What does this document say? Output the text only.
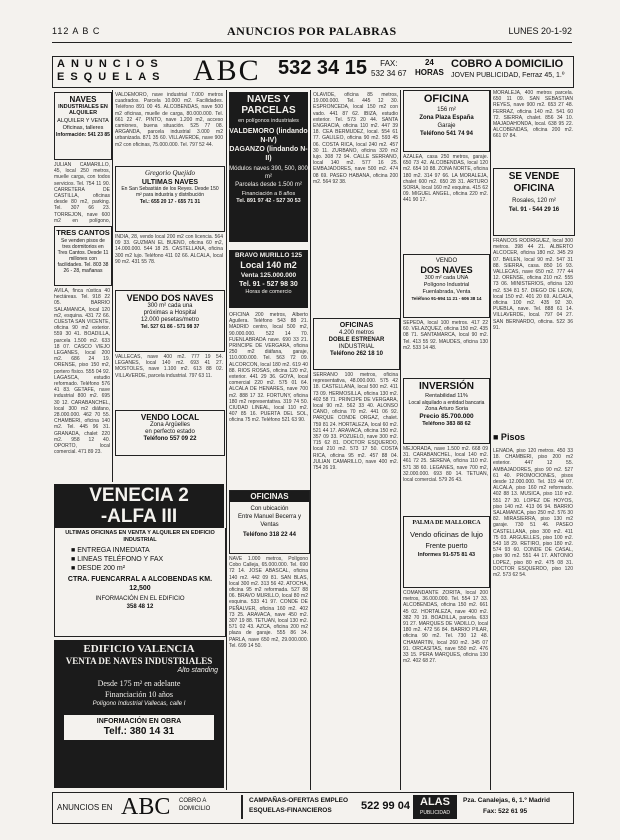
112 A B C	ANUNCIOS POR PALABRAS	LUNES 20-1-92
ANUNCIOS
ESQUELAS ABC 532 34 15	FAX:
532 34 67
24
HORAS
COBRO A DOMICILIO
JOVEN PUBLICIDAD, Ferraz 45, 1.º
NAVES
INDUSTRIALES EN ALQUILER
ALQUILER Y VENTA
Oficinas, talleres
Información: 541 23 85
JULIAN CAMARILLO, 45, local 250 metros, muelle carga, con todos servicios. Tel. 754 11 90. CARRETERA DE CASTILLA, oficinas desde 80 m2, parking. Tel. 307 66 23. TORREJON, nave 600 m2 en polígono,
TRES CANTOS
Se venden pisos de tres dormitorios en Tres Cantos. Desde 11 millones con facilidades. Tel. 803 38 26 - 28, mañanas
AVILA, finca rústica 40 hectáreas. Tel. 918 22 05. BARRIO SALAMANCA, local 120 m2, esquina. 431 72 66. CUESTA SAN VICENTE, oficina 90 m2 exterior. 559 30 41. BOADILLA, parcela 1.500 m2. 633 18 07. CASCO VIEJO LEGANES, local 200 m2. 686 24 19. ORENSE, piso 150 m2, portero físico. 555 04 92. LAGASCA, estudio reformado. Teléfono 576 41 83. GETAFE, nave industrial 800 m2. 695 30 12. CARABANCHEL, local 300 m2 diáfano, 28.000.000. 462 70 55. CHAMBERI, oficina 140 m2. Tel. 445 96 31. GRANADA, chalet 220 m2. 958 12 40. OPORTO, local comercial. 471 89 23.
VALDEMORO, nave industrial 7.000 metros cuadrados. Parcela 10.000 m2. Facilidades. Teléfono 891 00 45. ALCOBENDAS, nave 500 m2 oficinas, muelle de carga, 80.000.000. Tel. 661 22 47. PINTO, nave 1.200 m2, acceso camiones, buena situación. 525 77 08. ARGANDA, parcela industrial 3.000 m2 urbanizada. 871 35 60. VILLAVERDE, nave 900 m2 con oficinas, 75.000.000. Tel. 797 52 44.
Gregorio Quejido
ULTIMAS NAVES
En San Sebastián de los Reyes. Desde 150 m² para industria y distribución
Tel.: 655 20 17 - 655 71 31
INDIA, 28, vendo local 200 m2 con licencia. 564 09 33. GUZMAN EL BUENO, oficina 60 m2, 14.000.000. 544 18 25. CASTELLANA, oficina 300 m2 lujo. Teléfono 411 02 66. ALCALA, local 90 m2. 431 55 78.
VENDO DOS NAVES
300 m² cada una
próximas a Hospital
12.000 pesetas/metro
Tel. 527 61 86 - 571 98 37
VALLECAS, nave 400 m2. 777 19 54. LEGANES, local 140 m2. 693 41 27. MOSTOLES, nave 1.100 m2. 613 88 02. VILLAVERDE, parcela industrial. 797 63 11.
VENDO LOCAL
Zona Argüelles
en perfecto estado
Teléfono 557 09 22
VENECIA 2
-ALFA III
ULTIMAS OFICINAS EN VENTA Y ALQUILER EN EDIFICIO INDUSTRIAL
■ ENTREGA INMEDIATA
■ LINEAS TELÉFONO Y FAX
■ DESDE 200 m²
CTRA. FUENCARRAL A ALCOBENDAS KM. 12,500
INFORMACIÓN EN EL EDIFICIO
358 48 12
EDIFICIO VALENCIA
VENTA DE NAVES INDUSTRIALES
Alto standing
Desde 175 m² en adelante
Financiación 10 años
Polígono Industrial Vallecas, calle I
INFORMACIÓN EN OBRA
Telf.: 380 14 31
NAVES Y PARCELAS
en polígonos industriales
VALDEMORO (lindando N-IV)
DAGANZO (lindando N-II)
Módulos naves 390, 500, 800 m²
Parcelas desde 1.500 m²
Financiación a 8 años
Tel. 891 97 42 - 527 30 53
BRAVO MURILLO 125
Local 140 m2
Venta 125.000.000
Tel. 91 - 527 98 30
Horas de comercio
OFICINA 200 metros, Alberto Aguilera. Teléfono 543 88 21. MADRID centro, local 500 m2, 90.000.000. 522 14 70. FUENLABRADA nave. 690 33 21. PRINCIPE DE VERGARA, oficina 250 m2 diáfana, garaje, 110.000.000. Tel. 563 72 09. ALCORCON, local 180 m2. 619 40 88. RIOS ROSAS, oficina 120 m2, exterior. 441 29 36. GOYA, local comercial 220 m2. 575 01 64. ALCALA DE HENARES, nave 700 m2. 888 17 32. FORTUNY, oficina 180 m2 representativa. 319 74 50. CIUDAD LINEAL, local 110 m2. 407 85 16. PUERTA DEL SOL, oficina 75 m2. Teléfono 521 63 90.
OFICINAS
Con ubicación
Entre Manuel Becerra y Ventas
Teléfono 318 22 44
NAVE 1.000 metros, Polígono Cobo Calleja, 65.000.000. Tel. 690 72 14. JOSE ABASCAL, oficina 140 m2. 442 09 81. SAN BLAS, local 300 m2. 313 56 42. ATOCHA, oficina 95 m2 reformada. 527 88 06. BRAVO MURILLO, local 80 m2 esquina. 533 41 97. CONDE DE PEÑALVER, oficina 160 m2. 402 73 25. ARAVACA, nave 450 m2. 307 19 88. TETUAN, local 130 m2. 571 02 43. AZCA, oficina 200 m2 plaza de garaje. 555 86 34. PARLA, nave 650 m2, 29.000.000. Tel. 699 14 50.
OLAVIDE, oficina 85 metros, 19.000.000. Tel. 445 12 30. ESPRONCEDA, local 150 m2 con vado. 441 87 62. IBIZA, estudio exterior. Tel. 573 20 44. SANTA ENGRACIA, oficina 110 m2. 447 39 18. CEA BERMUDEZ, local. 554 61 77. GALILEO, oficina 90 m2. 593 45 06. COSTA RICA, local 240 m2. 457 30 11. ZURBANO, oficina 320 m2 lujo. 308 72 94. CALLE SERRANO, local 140 m2. 577 16 25. EMBAJADORES, nave 500 m2. 474 08 69. PASEO HABANA, oficina 200 m2. 564 92 38.
OFICINAS
4.200 metros
DOBLE ESTRENAR
INDUSTRIAL
Teléfono 262 18 10
SERRANO 100 metros, oficina representativa, 48.000.000. 575 42 18. CASTELLANA, local 500 m2. 411 73 09. HERMOSILLA, oficina 130 m2. 402 58 71. PRINCIPE DE VERGARA, local 90 m2. 562 33 40. ALONSO CANO, oficina 70 m2. 441 06 92. PARQUE CONDE ORGAZ, chalet. 759 81 24. HORTALEZA, local 60 m2. 521 44 17. ARAVACA, oficina 150 m2. 357 09 33. POZUELO, nave 300 m2. 715 62 81. DOCTOR ESQUERDO, local 210 m2. 573 17 50. COSTA RICA, oficina 95 m2. 457 88 04. JULIAN CAMARILLO, nave 400 m2. 754 26 19.
OFICINA
156 m²
Zona Plaza España
Garaje
Teléfono 541 74 94
AZALEA, casa 250 metros, garaje. 650 73 42. ALCOBENDAS, local 120 m2. 654 10 88. ZONA NORTE, oficina 180 m2. 314 97 66. LA MORALEJA, chalet 600 m2. 650 28 31. ARTURO SORIA, local 160 m2 esquina. 415 62 09. MIGUEL ANGEL, oficina 220 m2. 441 90 17.
VENDO
DOS NAVES
300 m² cada UNA
Polígono Industrial
Fuenlabrada, Venta
Teléfono 91-694 11 21 - 606 38 14
SEPEDA, local 100 metros. 417 22 60. VELAZQUEZ, oficina 150 m2. 435 08 71. SANTAMARCA, local 90 m2. Tel. 413 55 92. MAUDES, oficina 130 m2. 533 14 48.
INVERSIÓN
Rentabilidad 11%
Local alquilado a entidad bancaria
Zona Arturo Soria
Precio 85.700.000
Teléfono 383 88 62
MEJORADA, nave 1.500 m2. 668 09 31. CARABANCHEL, local 140 m2. 461 72 25. SERENA, oficina 110 m2. 571 38 60. LEGANES, nave 700 m2, 32.000.000. 693 80 14. TETUAN, local comercial. 579 26 43.
PALMA DE MALLORCA
Vendo oficinas de lujo
Frente puerto
Informes 91-575 81 43
COMANDANTE ZORITA, local 200 metros, 36.000.000. Tel. 554 17 33. ALCOBENDAS, oficina 150 m2. 661 45 02. HORTALEZA, nave 400 m2. 382 70 19. BOADILLA, parcela. 633 91 27. MARQUES DE VADILLO, local 180 m2. 472 56 84. BARRIO PILAR, oficina 90 m2. Tel. 730 12 48. CHAMARTIN, local 260 m2. 345 07 91. ORCASITAS, nave 550 m2. 476 33 15. PERA MARQUES, oficina 130 m2. 402 68 27.
MORALEJA, 400 metros parcela. 650 11 09. SAN SEBASTIAN REYES, nave 900 m2. 653 27 48. FERRAZ, oficina 140 m2. 541 60 72. SIERRA, chalet. 856 34 10. MAJADAHONDA, local. 638 95 22. ALCOBENDAS, oficina 200 m2. 661 07 84.
SE VENDE
OFICINA
Rosales, 120 m²
Tel. 91 - 544 29 16
FRANCOS RODRIGUEZ, local 300 metros. 398 44 21. ALBERTO ALCOCER, oficina 180 m2. 345 29 07. BAILEN, local 90 m2. 547 31 88. SIERRA, casa. 850 16 93. VALLECAS, nave 650 m2. 777 44 12. ORENSE, oficina 210 m2. 555 73 06. MINISTERIOS, oficina 120 m2. 534 81 57. DIEGO DE LEON, local 150 m2. 401 20 69. ALCALA, oficina 100 m2. 435 92 30. PUEBLA, nave. Tel. 888 61 14. VILLAVERDE, local. 797 04 27. SAN BERNARDO, oficina. 522 36 91.
■ Pisos
LEÑADA, piso 120 metros. 450 33 18. CHAMBERI, piso 200 m2 exterior. 447 12 55. AMBAJADORES, piso 90 m2. 527 61 40. PROMOCIONES, pisos desde 12.000.000. Tel. 319 44 07. ALCALA, piso 160 m2 reformado. 402 88 13. MUSICA, piso 110 m2. 551 27 30. LOPEZ DE HOYOS, piso 140 m2. 413 06 94. BARRIO SALAMANCA, piso 250 m2. 576 30 82. MIRASIERRA, piso 130 m2 garaje. 730 51 46. PASEO CASTELLANA, piso 300 m2. 411 75 03. ARGUELLES, piso 100 m2. 543 18 29. RETIRO, piso 180 m2. 574 93 60. CONDE DE CASAL, piso 90 m2. 551 44 17. ANTONIO LOPEZ, piso 80 m2. 475 08 31. DOCTOR ESQUERDO, piso 120 m2. 573 62 54.
ANUNCIOS EN ABC COBRO A DOMICILIO
CAMPAÑAS-OFERTAS EMPLEO
ESQUELAS-FINANCIEROS	522 99 04 ALAS
PUBLICIDAD
Pza. Canalejas, 6, 1.º Madrid
Fax: 522 61 95
